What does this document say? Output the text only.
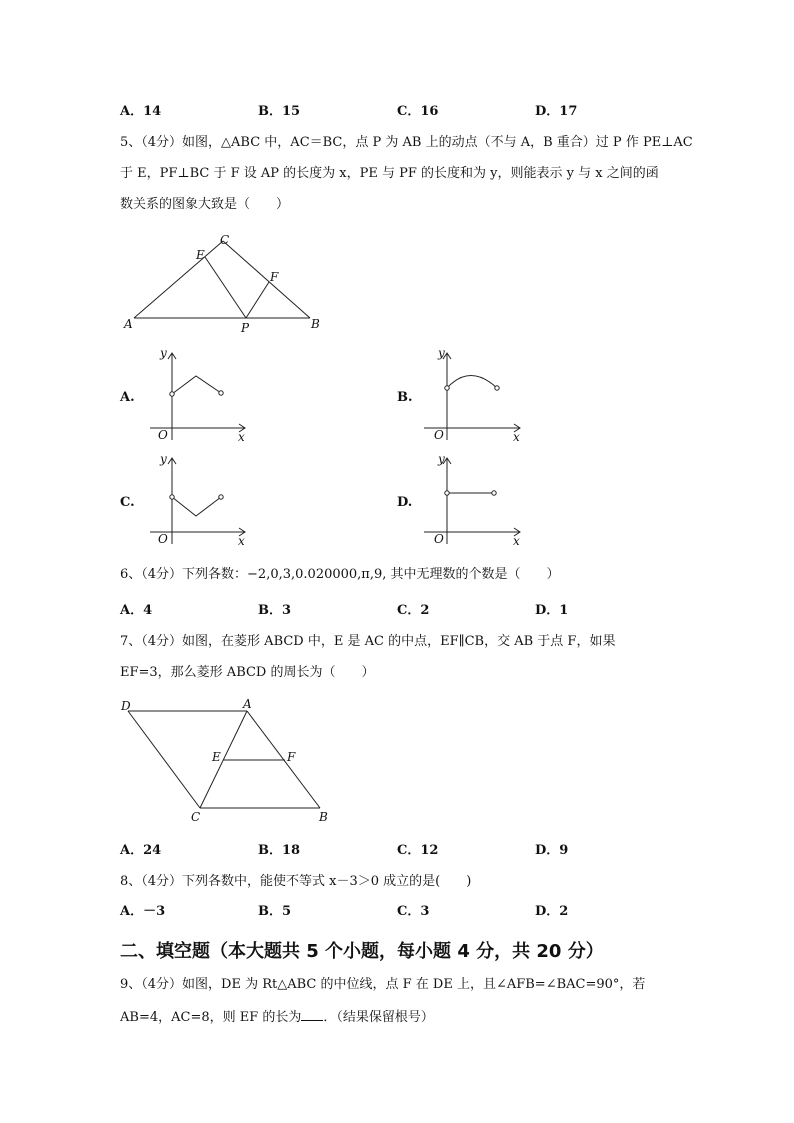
A．14	B．15	C．16	D．17
5、（4分）如图，△ABC 中，AC＝BC，点 P 为 AB 上的动点（不与 A，B 重合）过 P 作 PE⊥AC
于 E，PF⊥BC 于 F 设 AP 的长度为 x，PE 与 PF 的长度和为 y，则能表示 y 与 x 之间的函
数关系的图象大致是（　　）
C
E
F
A	P	B
A.
y
O	x
B.
y
O	x
C.
y
O	x
D.
y
O	x
6、（4分）下列各数：−2,0,3,0.020000,π,9, 其中无理数的个数是（　　）
A．4	B．3	C．2	D．1
7、（4分）如图，在菱形 ABCD 中，E 是 AC 的中点，EF∥CB，交 AB 于点 F，如果
EF=3，那么菱形 ABCD 的周长为（　　）
D	A
E	F
C	B
A．24	B．18	C．12	D．9
8、（4分）下列各数中，能使不等式 x－3＞0 成立的是(　　)
A．－3	B．5	C．3	D．2
二、填空题（本大题共 5 个小题，每小题 4 分，共 20 分）
9、（4分）如图，DE 为 Rt△ABC 的中位线，点 F 在 DE 上，且∠AFB=∠BAC=90°，若
AB=4，AC=8，则 EF 的长为 ．（结果保留根号）
